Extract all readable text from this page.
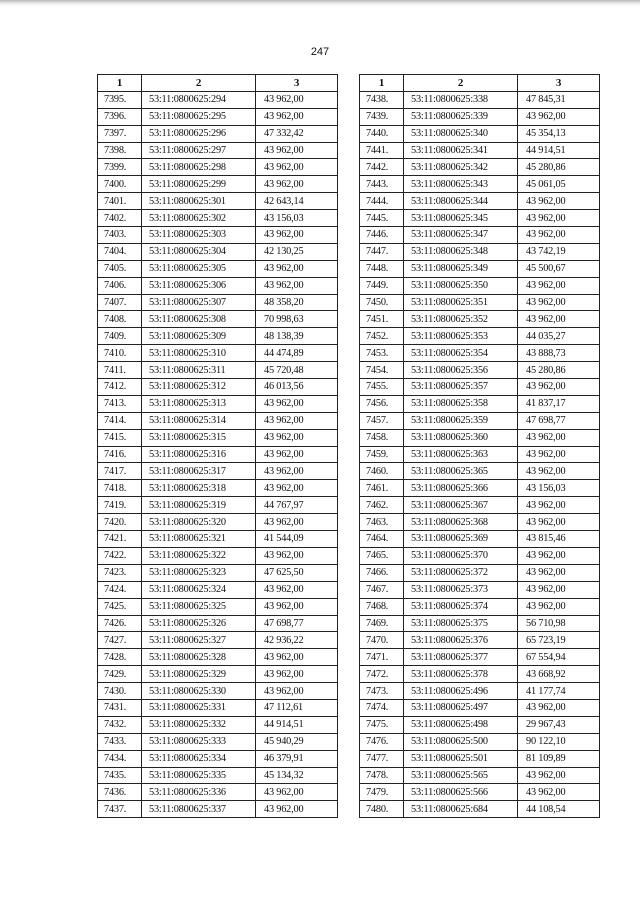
247
1	2	3
7395.	53:11:0800625:294	43 962,00
7396.	53:11:0800625:295	43 962,00
7397.	53:11:0800625:296	47 332,42
7398.	53:11:0800625:297	43 962,00
7399.	53:11:0800625:298	43 962,00
7400.	53:11:0800625:299	43 962,00
7401.	53:11:0800625:301	42 643,14
7402.	53:11:0800625:302	43 156,03
7403.	53:11:0800625:303	43 962,00
7404.	53:11:0800625:304	42 130,25
7405.	53:11:0800625:305	43 962,00
7406.	53:11:0800625:306	43 962,00
7407.	53:11:0800625:307	48 358,20
7408.	53:11:0800625:308	70 998,63
7409.	53:11:0800625:309	48 138,39
7410.	53:11:0800625:310	44 474,89
7411.	53:11:0800625:311	45 720,48
7412.	53:11:0800625:312	46 013,56
7413.	53:11:0800625:313	43 962,00
7414.	53:11:0800625:314	43 962,00
7415.	53:11:0800625:315	43 962,00
7416.	53:11:0800625:316	43 962,00
7417.	53:11:0800625:317	43 962,00
7418.	53:11:0800625:318	43 962,00
7419.	53:11:0800625:319	44 767,97
7420.	53:11:0800625:320	43 962,00
7421.	53:11:0800625:321	41 544,09
7422.	53:11:0800625:322	43 962,00
7423.	53:11:0800625:323	47 625,50
7424.	53:11:0800625:324	43 962,00
7425.	53:11:0800625:325	43 962,00
7426.	53:11:0800625:326	47 698,77
7427.	53:11:0800625:327	42 936,22
7428.	53:11:0800625:328	43 962,00
7429.	53:11:0800625:329	43 962,00
7430.	53:11:0800625:330	43 962,00
7431.	53:11:0800625:331	47 112,61
7432.	53:11:0800625:332	44 914,51
7433.	53:11:0800625:333	45 940,29
7434.	53:11:0800625:334	46 379,91
7435.	53:11:0800625:335	45 134,32
7436.	53:11:0800625:336	43 962,00
7437.	53:11:0800625:337	43 962,00
1	2	3
7438.	53:11:0800625:338	47 845,31
7439.	53:11:0800625:339	43 962,00
7440.	53:11:0800625:340	45 354,13
7441.	53:11:0800625:341	44 914,51
7442.	53:11:0800625:342	45 280,86
7443.	53:11:0800625:343	45 061,05
7444.	53:11:0800625:344	43 962,00
7445.	53:11:0800625:345	43 962,00
7446.	53:11:0800625:347	43 962,00
7447.	53:11:0800625:348	43 742,19
7448.	53:11:0800625:349	45 500,67
7449.	53:11:0800625:350	43 962,00
7450.	53:11:0800625:351	43 962,00
7451.	53:11:0800625:352	43 962,00
7452.	53:11:0800625:353	44 035,27
7453.	53:11:0800625:354	43 888,73
7454.	53:11:0800625:356	45 280,86
7455.	53:11:0800625:357	43 962,00
7456.	53:11:0800625:358	41 837,17
7457.	53:11:0800625:359	47 698,77
7458.	53:11:0800625:360	43 962,00
7459.	53:11:0800625:363	43 962,00
7460.	53:11:0800625:365	43 962,00
7461.	53:11:0800625:366	43 156,03
7462.	53:11:0800625:367	43 962,00
7463.	53:11:0800625:368	43 962,00
7464.	53:11:0800625:369	43 815,46
7465.	53:11:0800625:370	43 962,00
7466.	53:11:0800625:372	43 962,00
7467.	53:11:0800625:373	43 962,00
7468.	53:11:0800625:374	43 962,00
7469.	53:11:0800625:375	56 710,98
7470.	53:11:0800625:376	65 723,19
7471.	53:11:0800625:377	67 554,94
7472.	53:11:0800625:378	43 668,92
7473.	53:11:0800625:496	41 177,74
7474.	53:11:0800625:497	43 962,00
7475.	53:11:0800625:498	29 967,43
7476.	53:11:0800625:500	90 122,10
7477.	53:11:0800625:501	81 109,89
7478.	53:11:0800625:565	43 962,00
7479.	53:11:0800625:566	43 962,00
7480.	53:11:0800625:684	44 108,54
